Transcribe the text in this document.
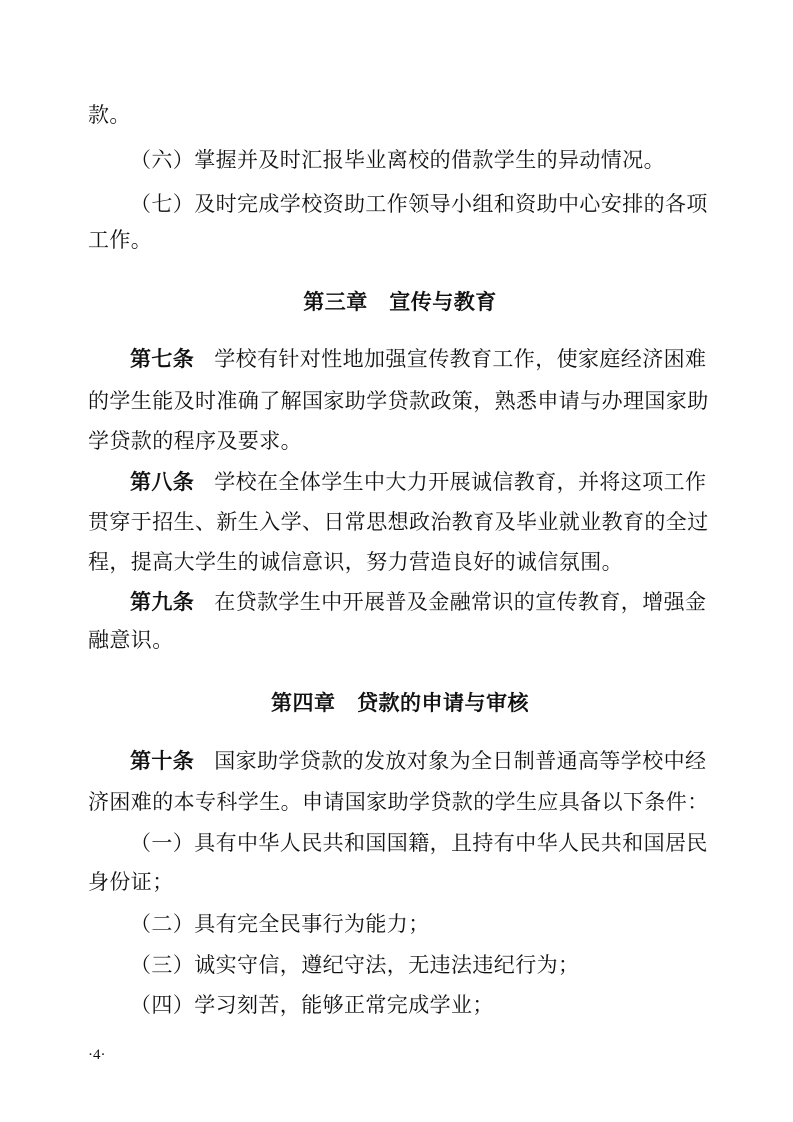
款。
（六）掌握并及时汇报毕业离校的借款学生的异动情况。
（七）及时完成学校资助工作领导小组和资助中心安排的各项
工作。
第三章　宣传与教育
第七条 学校有针对性地加强宣传教育工作，使家庭经济困难
的学生能及时准确了解国家助学贷款政策，熟悉申请与办理国家助
学贷款的程序及要求。
第八条 学校在全体学生中大力开展诚信教育，并将这项工作
贯穿于招生、新生入学、日常思想政治教育及毕业就业教育的全过
程，提高大学生的诚信意识，努力营造良好的诚信氛围。
第九条 在贷款学生中开展普及金融常识的宣传教育，增强金
融意识。
第四章　贷款的申请与审核
第十条 国家助学贷款的发放对象为全日制普通高等学校中经
济困难的本专科学生。申请国家助学贷款的学生应具备以下条件：
（一）具有中华人民共和国国籍，且持有中华人民共和国居民
身份证；
（二）具有完全民事行为能力；
（三）诚实守信，遵纪守法，无违法违纪行为；
（四）学习刻苦，能够正常完成学业；
·4·
